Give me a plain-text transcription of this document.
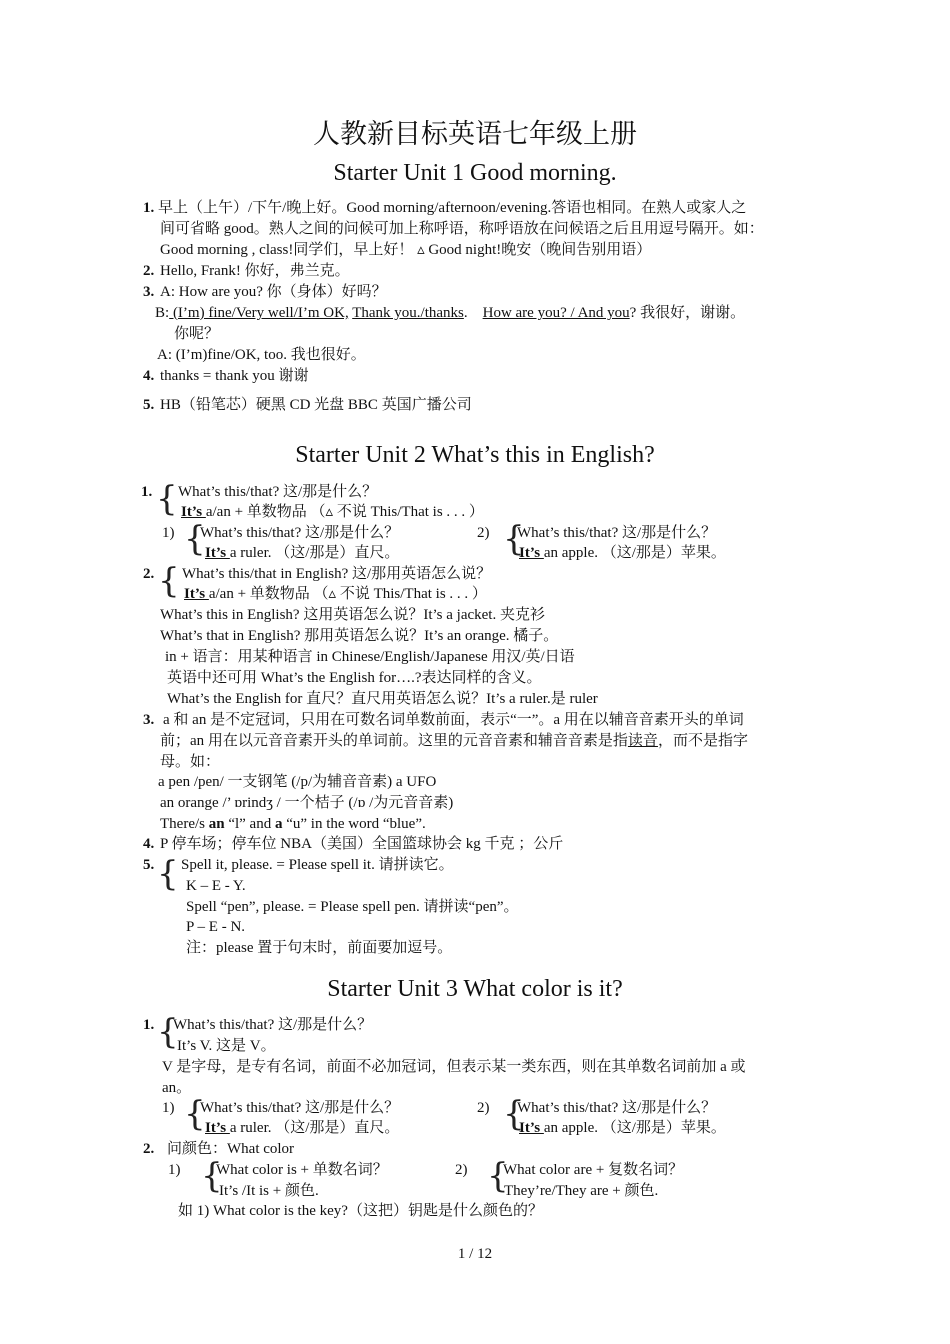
人教新目标英语七年级上册
Starter Unit 1 Good morning.
1. 早上（上午）/下午/晚上好。Good morning/afternoon/evening.答语也相同。在熟人或家人之
间可省略 good。熟人之间的问候可加上称呼语，称呼语放在问候语之后且用逗号隔开。如：
Good morning , class!同学们，早上好！ ▵ Good night!晚安（晚间告别用语）
2. Hello, Frank! 你好，弗兰克。
3. A: How are you? 你（身体）好吗？
B: (I’m) fine/Very well/I’m OK, Thank you./thanks.    How are you? / And you? 我很好，谢谢。
你呢？
A: (I’m)fine/OK, too. 我也很好。
4. thanks = thank you 谢谢
5. HB（铅笔芯）硬黑 CD 光盘 BBC 英国广播公司
Starter Unit 2 What’s this in English?
1. { What’s this/that? 这/那是什么？
It’s a/an + 单数物品 （▵ 不说 This/That is . . . ）
1) {
What’s this/that? 这/那是什么？
It’s a ruler. （这/那是）直尺。
2) {
What’s this/that? 这/那是什么？
It’s an apple. （这/那是）苹果。
2. { What’s this/that in English? 这/那用英语怎么说？
It’s a/an + 单数物品 （▵ 不说 This/That is . . . ）
What’s this in English? 这用英语怎么说？It’s a jacket. 夹克衫
What’s that in English? 那用英语怎么说？It’s an orange. 橘子。
in + 语言：用某种语言 in Chinese/English/Japanese 用汉/英/日语
英语中还可用 What’s the English for….?表达同样的含义。
What’s the English for 直尺？直尺用英语怎么说？It’s a ruler.是 ruler
3. a 和 an 是不定冠词，只用在可数名词单数前面，表示“一”。a 用在以辅音音素开头的单词
前；an 用在以元音音素开头的单词前。这里的元音音素和辅音音素是指读音，而不是指字
母。如：
a pen /pen/ 一支钢笔 (/p/为辅音音素) a UFO
an orange /’ ɒrindʒ / 一个桔子 (/ɒ /为元音音素)
There/s an “l” and a “u” in the word “blue”.
4. P 停车场；停车位 NBA（美国）全国篮球协会 kg 千克 ；公斤
5. { Spell it, please. = Please spell it. 请拼读它。
K – E - Y.
Spell “pen”, please. = Please spell pen. 请拼读“pen”。
P – E - N.
注：please 置于句末时，前面要加逗号。
Starter Unit 3 What color is it?
1. {
What’s this/that? 这/那是什么？
It’s V. 这是 V。
V 是字母，是专有名词，前面不必加冠词，但表示某一类东西，则在其单数名词前加 a 或
an。
1) {
What’s this/that? 这/那是什么？
It’s a ruler. （这/那是）直尺。
2) {
What’s this/that? 这/那是什么？
It’s an apple. （这/那是）苹果。
2. 问颜色：What color
1) {
What color is + 单数名词？
It’s /It is + 颜色.
2) {
What color are + 复数名词？
They’re/They are + 颜色.
如 1) What color is the key?（这把）钥匙是什么颜色的？
1 / 12
